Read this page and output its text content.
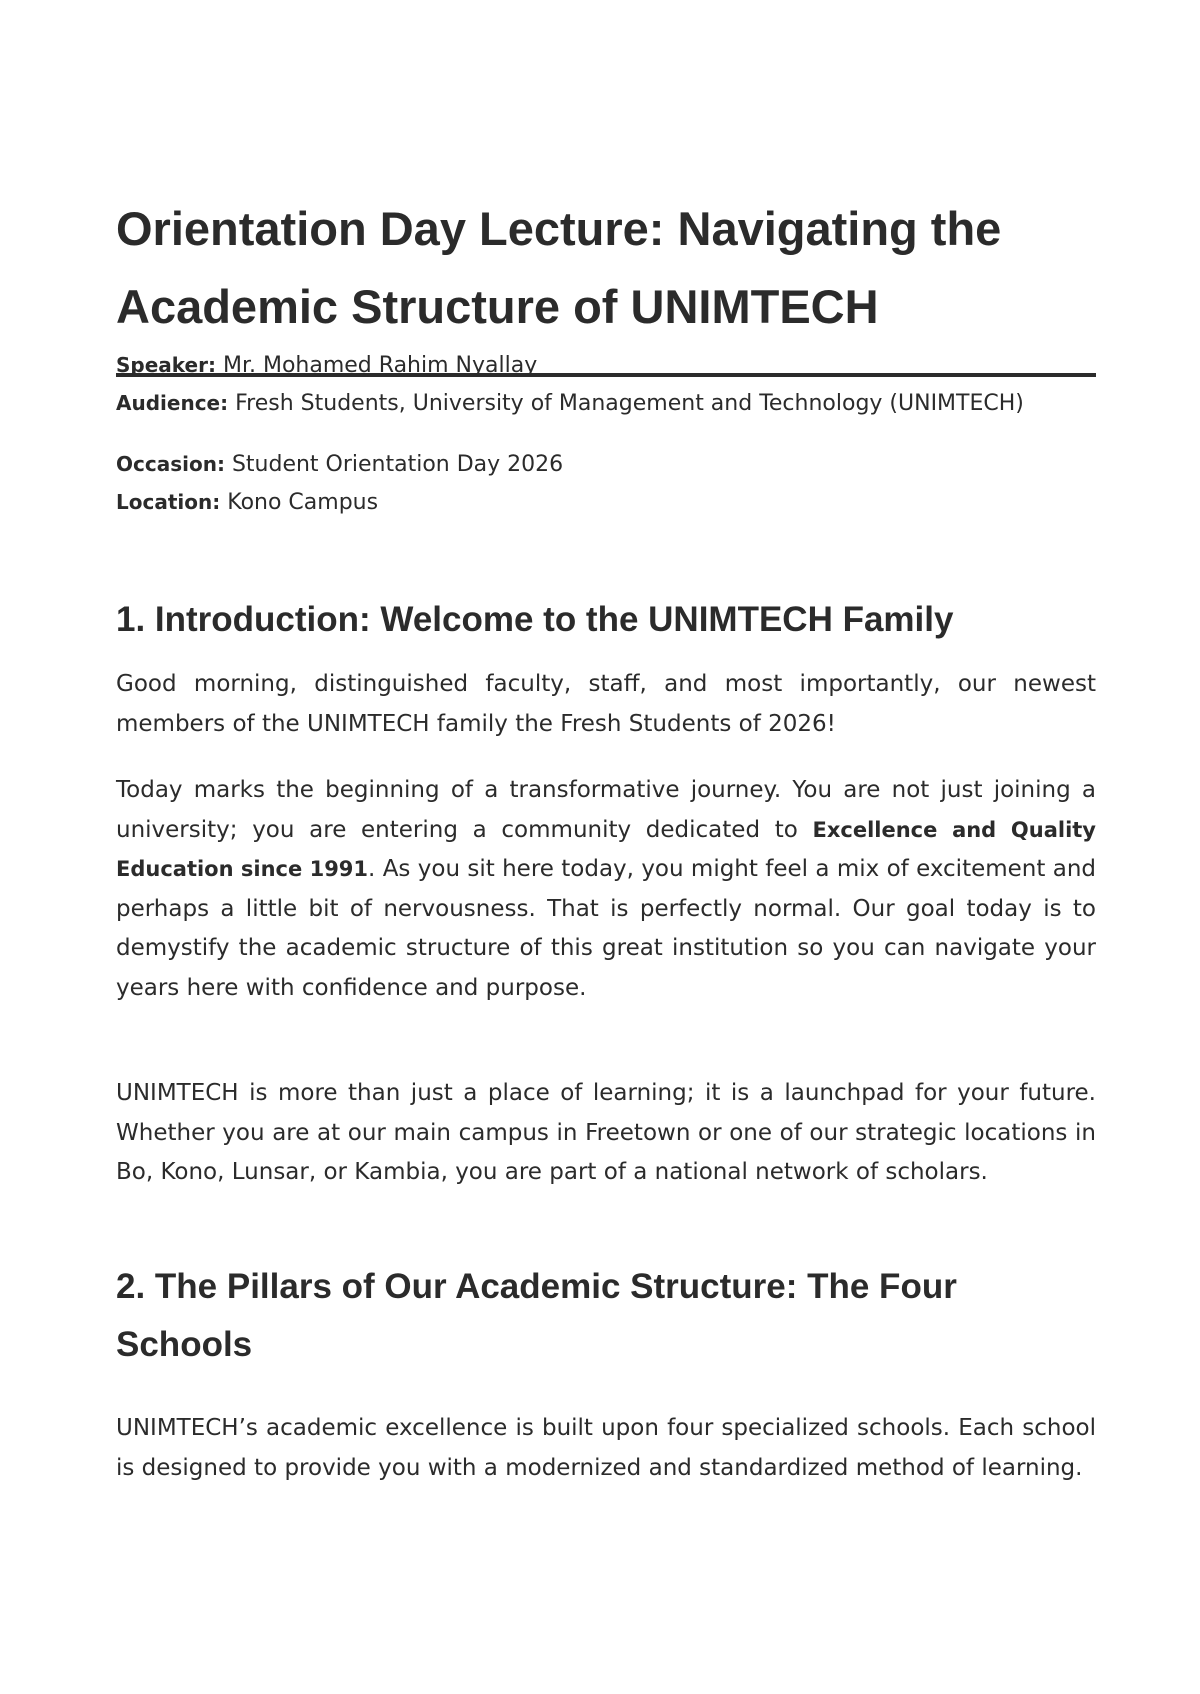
Orientation Day Lecture: Navigating the Academic Structure of UNIMTECH
Speaker: Mr. Mohamed Rahim Nyallay
Audience: Fresh Students, University of Management and Technology (UNIMTECH)
Occasion: Student Orientation Day 2026
Location: Kono Campus
1. Introduction: Welcome to the UNIMTECH Family

Good morning, distinguished faculty, staff, and most importantly, our newest members of the UNIMTECH family the Fresh Students of 2026!

Today marks the beginning of a transformative journey. You are not just joining a university; you are entering a community dedicated to Excellence and Quality Education since 1991. As you sit here today, you might feel a mix of excitement and perhaps a little bit of nervousness. That is perfectly normal. Our goal today is to demystify the academic structure of this great institution so you can navigate your years here with confidence and purpose.

UNIMTECH is more than just a place of learning; it is a launchpad for your future. Whether you are at our main campus in Freetown or one of our strategic locations in Bo, Kono, Lunsar, or Kambia, you are part of a national network of scholars.

2. The Pillars of Our Academic Structure: The Four Schools

UNIMTECH’s academic excellence is built upon four specialized schools. Each school is designed to provide you with a modernized and standardized method of learning.
